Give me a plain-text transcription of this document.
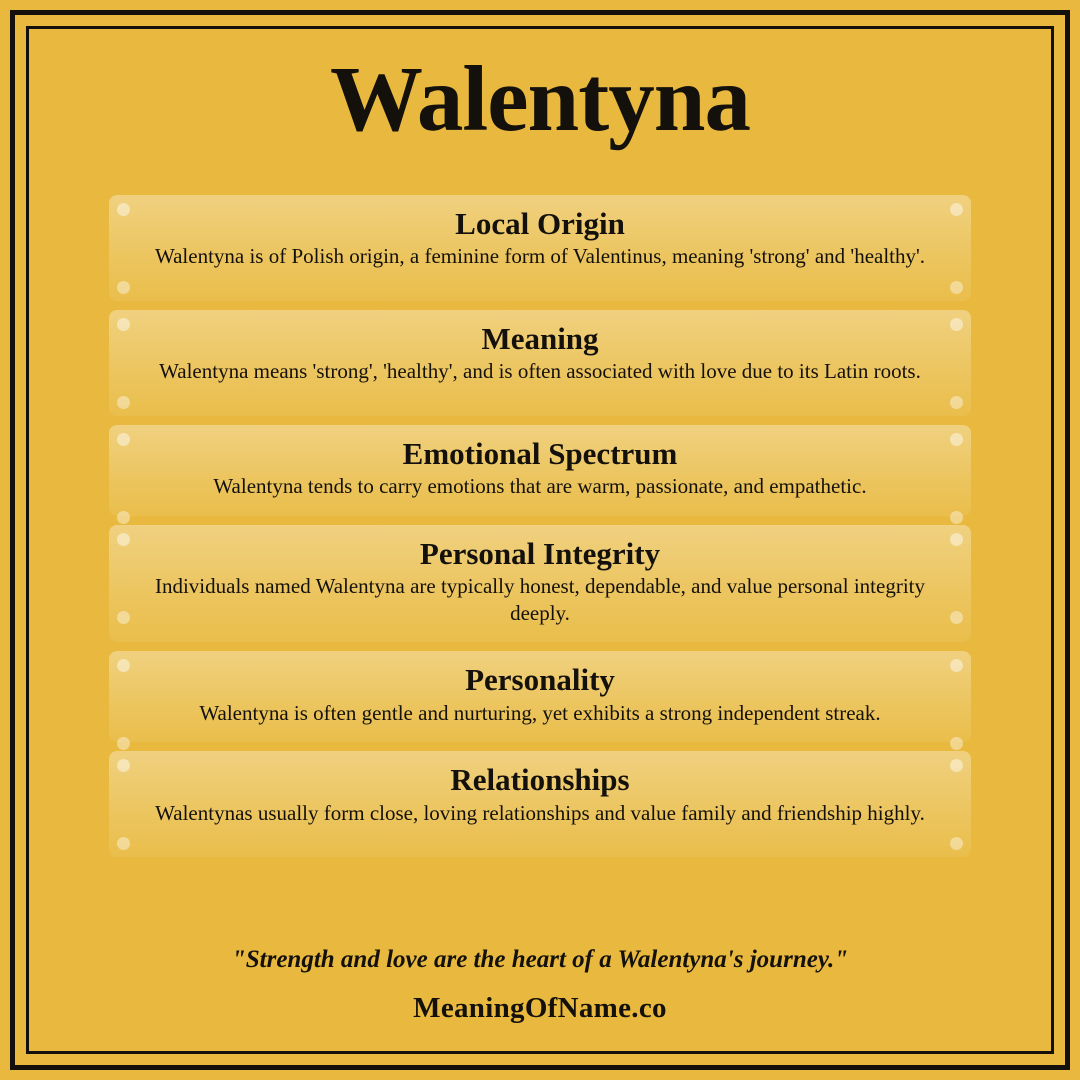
Walentyna
Local Origin
Walentyna is of Polish origin, a feminine form of Valentinus, meaning 'strong' and 'healthy'.
Meaning
Walentyna means 'strong', 'healthy', and is often associated with love due to its Latin roots.
Emotional Spectrum
Walentyna tends to carry emotions that are warm, passionate, and empathetic.
Personal Integrity
Individuals named Walentyna are typically honest, dependable, and value personal integrity deeply.
Personality
Walentyna is often gentle and nurturing, yet exhibits a strong independent streak.
Relationships
Walentynas usually form close, loving relationships and value family and friendship highly.
"Strength and love are the heart of a Walentyna's journey."
MeaningOfName.co
